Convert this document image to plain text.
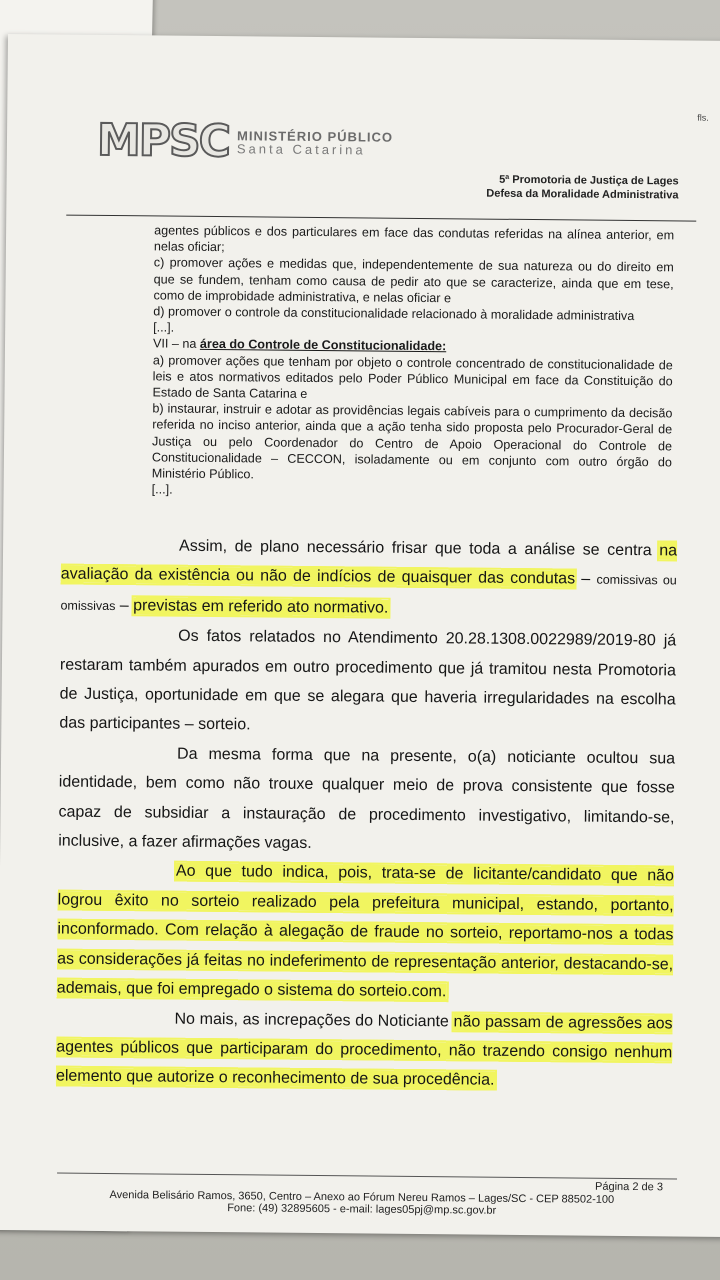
fls.
MPSC MINISTÉRIO PÚBLICO
Santa Catarina
5ª Promotoria de Justiça de Lages
Defesa da Moralidade Administrativa

agentes públicos e dos particulares em face das condutas referidas na alínea anterior, em nelas oficiar;

c) promover ações e medidas que, independentemente de sua natureza ou do direito em que se fundem, tenham como causa de pedir ato que se caracterize, ainda que em tese, como de improbidade administrativa, e nelas oficiar e

d) promover o controle da constitucionalidade relacionado à moralidade administrativa

[...].

VII – na área do Controle de Constitucionalidade:

a) promover ações que tenham por objeto o controle concentrado de constitucionalidade de leis e atos normativos editados pelo Poder Público Municipal em face da Constituição do Estado de Santa Catarina e

b) instaurar, instruir e adotar as providências legais cabíveis para o cumprimento da decisão referida no inciso anterior, ainda que a ação tenha sido proposta pelo Procurador-Geral de Justiça ou pelo Coordenador do Centro de Apoio Operacional do Controle de Constitucionalidade – CECCON, isoladamente ou em conjunto com outro órgão do Ministério Público.

[...].

Assim, de plano necessário frisar que toda a análise se centra na avaliação da existência ou não de indícios de quaisquer das condutas – comissivas ou omissivas – previstas em referido ato normativo.

Os fatos relatados no Atendimento 20.28.1308.0022989/2019-80 já restaram também apurados em outro procedimento que já tramitou nesta Promotoria de Justiça, oportunidade em que se alegara que haveria irregularidades na escolha das participantes – sorteio.

Da mesma forma que na presente, o(a) noticiante ocultou sua identidade, bem como não trouxe qualquer meio de prova consistente que fosse capaz de subsidiar a instauração de procedimento investigativo, limitando-se, inclusive, a fazer afirmações vagas.

Ao que tudo indica, pois, trata-se de licitante/candidato que não logrou êxito no sorteio realizado pela prefeitura municipal, estando, portanto, inconformado. Com relação à alegação de fraude no sorteio, reportamo-nos a todas as considerações já feitas no indeferimento de representação anterior, destacando-se, ademais, que foi empregado o sistema do sorteio.com.

No mais, as increpações do Noticiante não passam de agressões aos agentes públicos que participaram do procedimento, não trazendo consigo nenhum elemento que autorize o reconhecimento de sua procedência.

Página 2 de 3
Avenida Belisário Ramos, 3650, Centro – Anexo ao Fórum Nereu Ramos – Lages/SC - CEP 88502-100
Fone: (49) 32895605 - e-mail: lages05pj@mp.sc.gov.br
